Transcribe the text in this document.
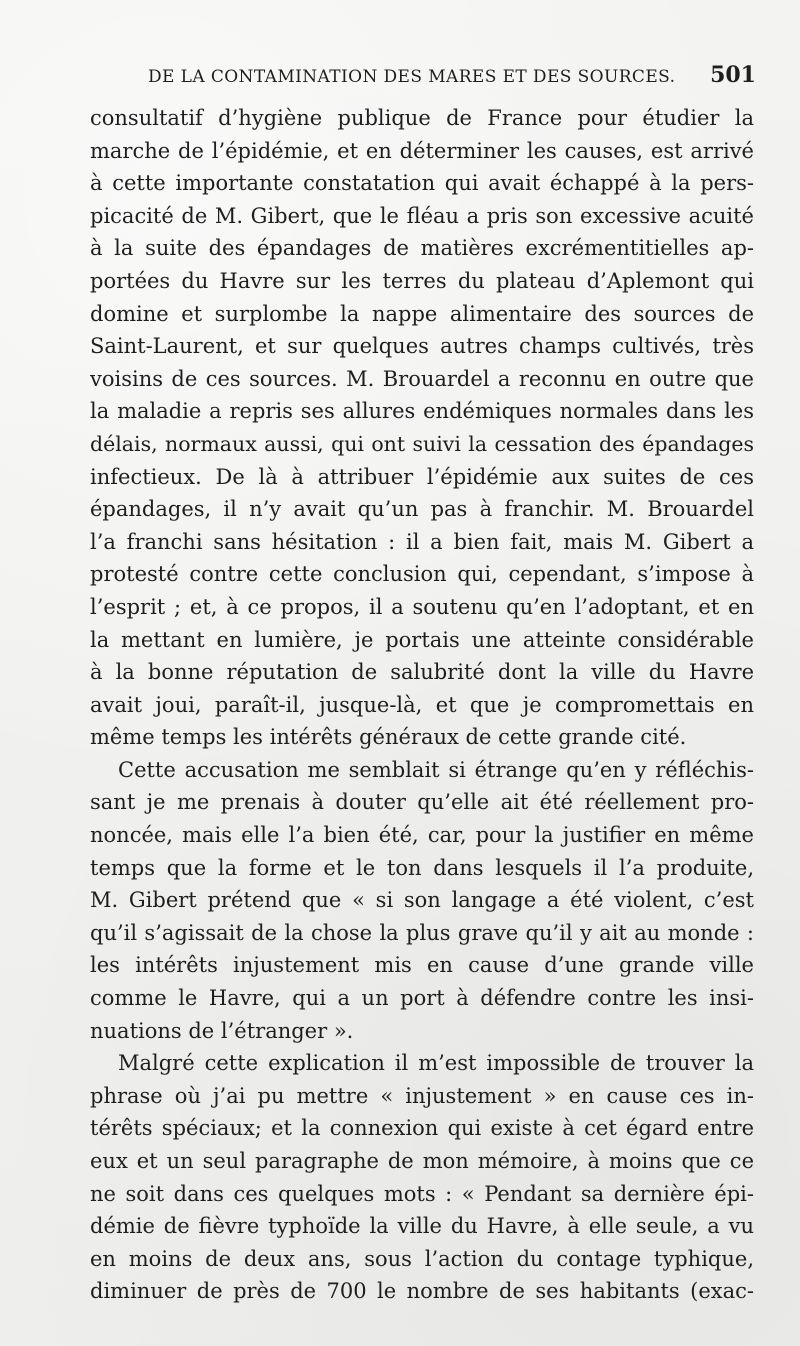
DE LA CONTAMINATION DES MARES ET DES SOURCES. 501
consultatif d’hygiène publique de France pour étudier la
marche de l’épidémie, et en déterminer les causes, est arrivé
à cette importante constatation qui avait échappé à la pers-
picacité de M. Gibert, que le fléau a pris son excessive acuité
à la suite des épandages de matières excrémentitielles ap-
portées du Havre sur les terres du plateau d’Aplemont qui
domine et surplombe la nappe alimentaire des sources de
Saint-Laurent, et sur quelques autres champs cultivés, très
voisins de ces sources. M. Brouardel a reconnu en outre que
la maladie a repris ses allures endémiques normales dans les
délais, normaux aussi, qui ont suivi la cessation des épandages
infectieux. De là à attribuer l’épidémie aux suites de ces
épandages, il n’y avait qu’un pas à franchir. M. Brouardel
l’a franchi sans hésitation : il a bien fait, mais M. Gibert a
protesté contre cette conclusion qui, cependant, s’impose à
l’esprit ; et, à ce propos, il a soutenu qu’en l’adoptant, et en
la mettant en lumière, je portais une atteinte considérable
à la bonne réputation de salubrité dont la ville du Havre
avait joui, paraît-il, jusque-là, et que je compromettais en
même temps les intérêts généraux de cette grande cité.
Cette accusation me semblait si étrange qu’en y réfléchis-
sant je me prenais à douter qu’elle ait été réellement pro-
noncée, mais elle l’a bien été, car, pour la justifier en même
temps que la forme et le ton dans lesquels il l’a produite,
M. Gibert prétend que « si son langage a été violent, c’est
qu’il s’agissait de la chose la plus grave qu’il y ait au monde :
les intérêts injustement mis en cause d’une grande ville
comme le Havre, qui a un port à défendre contre les insi-
nuations de l’étranger ».
Malgré cette explication il m’est impossible de trouver la
phrase où j’ai pu mettre « injustement » en cause ces in-
térêts spéciaux; et la connexion qui existe à cet égard entre
eux et un seul paragraphe de mon mémoire, à moins que ce
ne soit dans ces quelques mots : « Pendant sa dernière épi-
démie de fièvre typhoïde la ville du Havre, à elle seule, a vu
en moins de deux ans, sous l’action du contage typhique,
diminuer de près de 700 le nombre de ses habitants (exac-
